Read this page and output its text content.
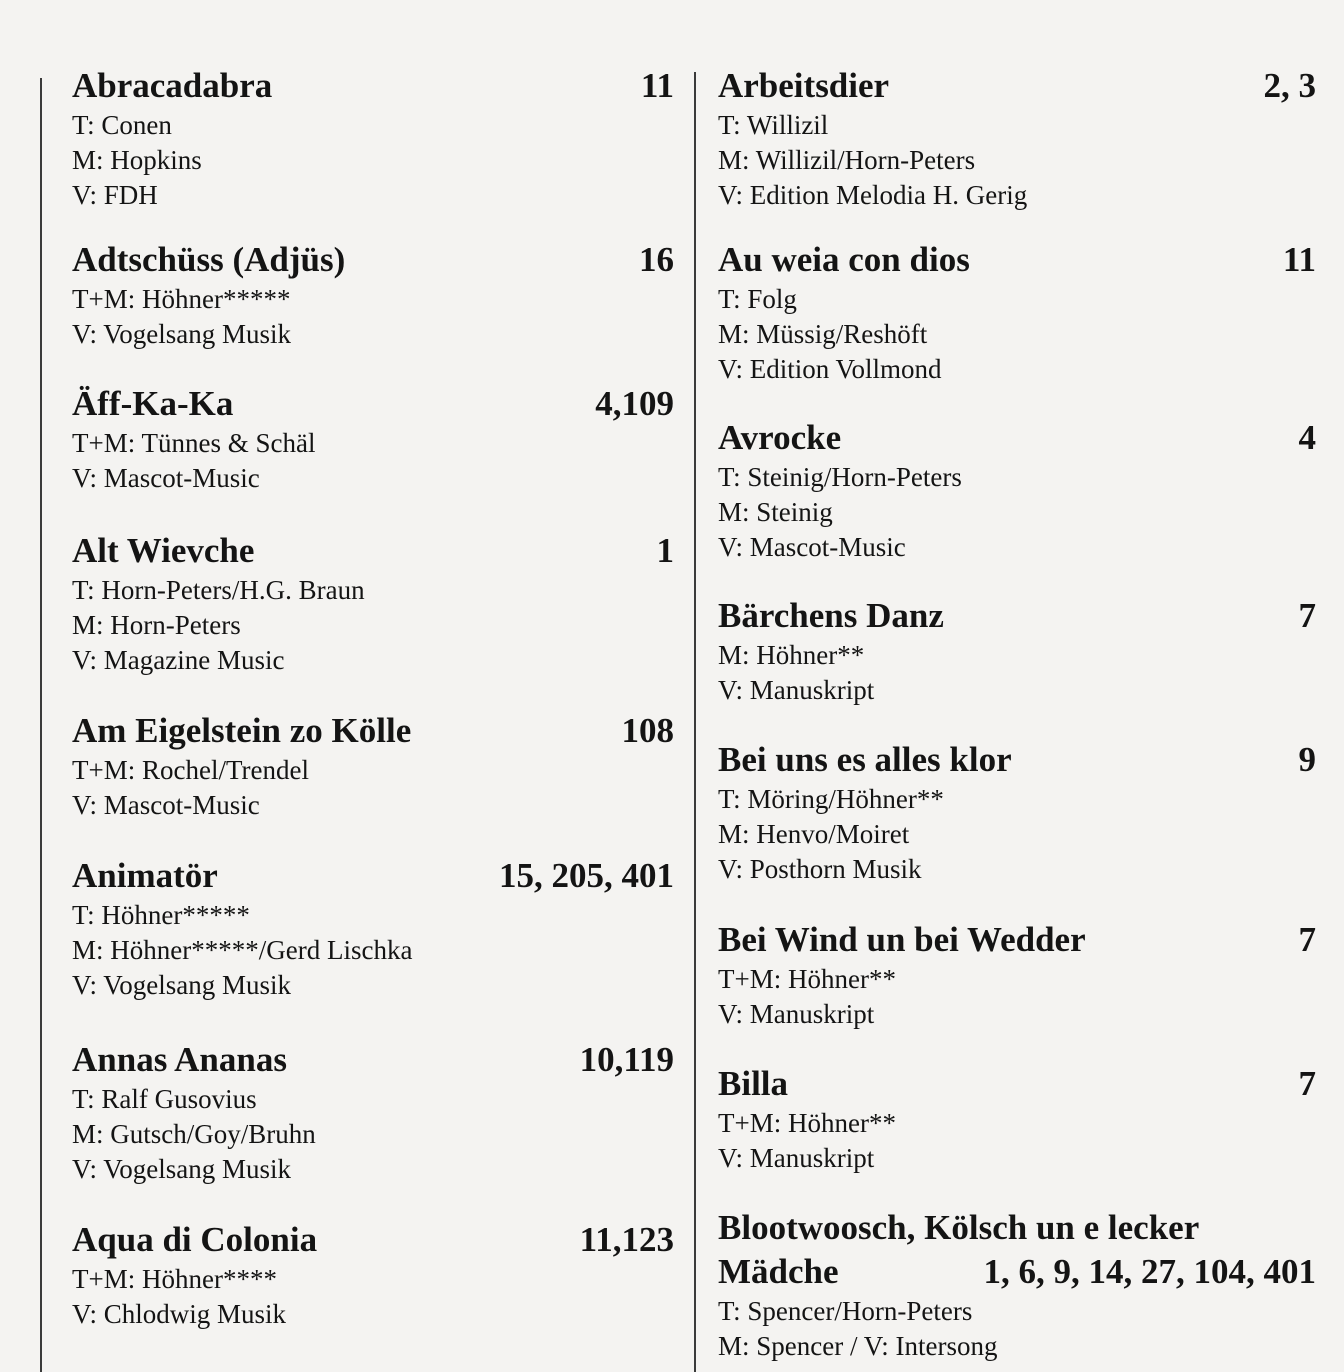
Abracadabra	11
T: Conen
M: Hopkins
V: FDH
Adtschüss (Adjüs)	16
T+M: Höhner*****
V: Vogelsang Musik
Äff-Ka-Ka	4,109
T+M: Tünnes & Schäl
V: Mascot-Music
Alt Wievche	1
T: Horn-Peters/H.G. Braun
M: Horn-Peters
V: Magazine Music
Am Eigelstein zo Kölle	108
T+M: Rochel/Trendel
V: Mascot-Music
Animatör	15, 205, 401
T: Höhner*****
M: Höhner*****/Gerd Lischka
V: Vogelsang Musik
Annas Ananas	10,119
T: Ralf Gusovius
M: Gutsch/Goy/Bruhn
V: Vogelsang Musik
Aqua di Colonia	11,123
T+M: Höhner****
V: Chlodwig Musik
Arbeitsdier	2, 3
T: Willizil
M: Willizil/Horn-Peters
V: Edition Melodia H. Gerig
Au weia con dios	11
T: Folg
M: Müssig/Reshöft
V: Edition Vollmond
Avrocke	4
T: Steinig/Horn-Peters
M: Steinig
V: Mascot-Music
Bärchens Danz	7
M: Höhner**
V: Manuskript
Bei uns es alles klor	9
T: Möring/Höhner**
M: Henvo/Moiret
V: Posthorn Musik
Bei Wind un bei Wedder	7
T+M: Höhner**
V: Manuskript
Billa	7
T+M: Höhner**
V: Manuskript
Blootwoosch, Kölsch un e lecker
Mädche	1, 6, 9, 14, 27, 104, 401
T: Spencer/Horn-Peters
M: Spencer / V: Intersong
